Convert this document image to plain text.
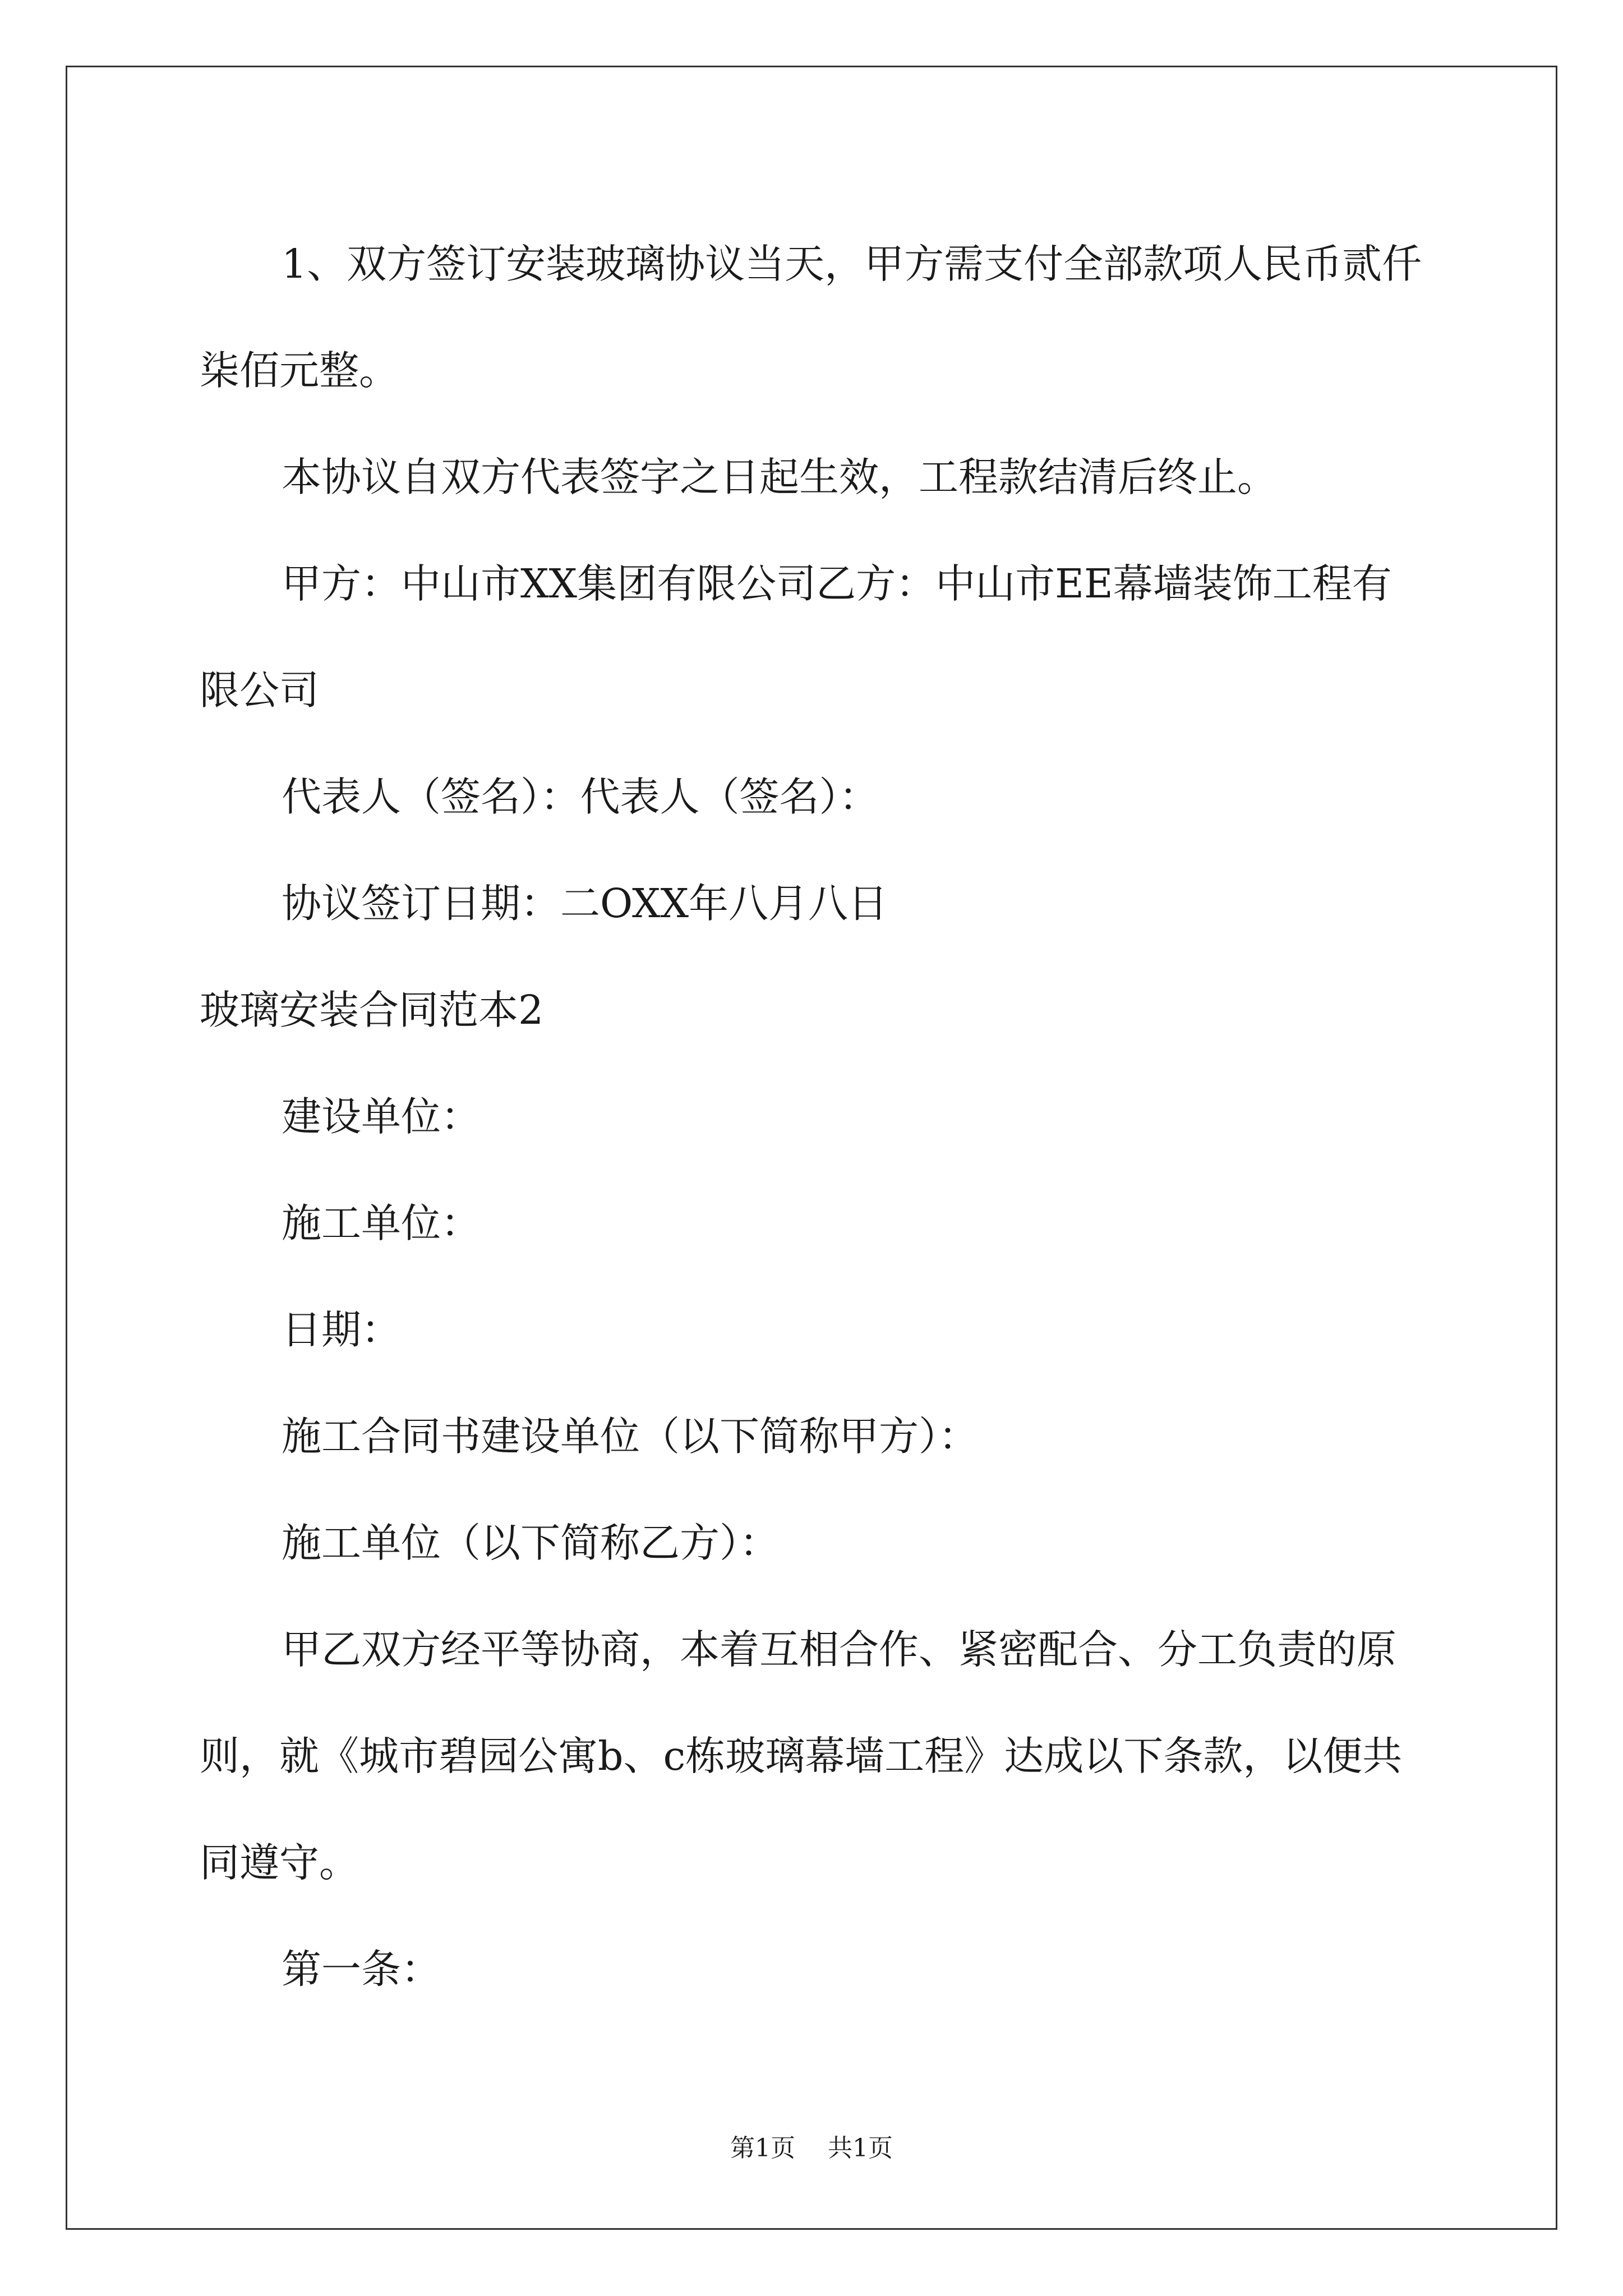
1、双方签订安装玻璃协议当天，甲方需支付全部款项人民币贰仟柒佰元整。

本协议自双方代表签字之日起生效，工程款结清后终止。

甲方：中山市XX集团有限公司乙方：中山市EE幕墙装饰工程有限公司

代表人（签名）：代表人（签名）：

协议签订日期：二OXX年八月八日

玻璃安装合同范本2

建设单位：

施工单位：

日期：

施工合同书建设单位（以下简称甲方）：

施工单位（以下简称乙方）：

甲乙双方经平等协商，本着互相合作、紧密配合、分工负责的原则，就《城市碧园公寓b、c栋玻璃幕墙工程》达成以下条款，以便共同遵守。

第一条：

第1页 共1页
